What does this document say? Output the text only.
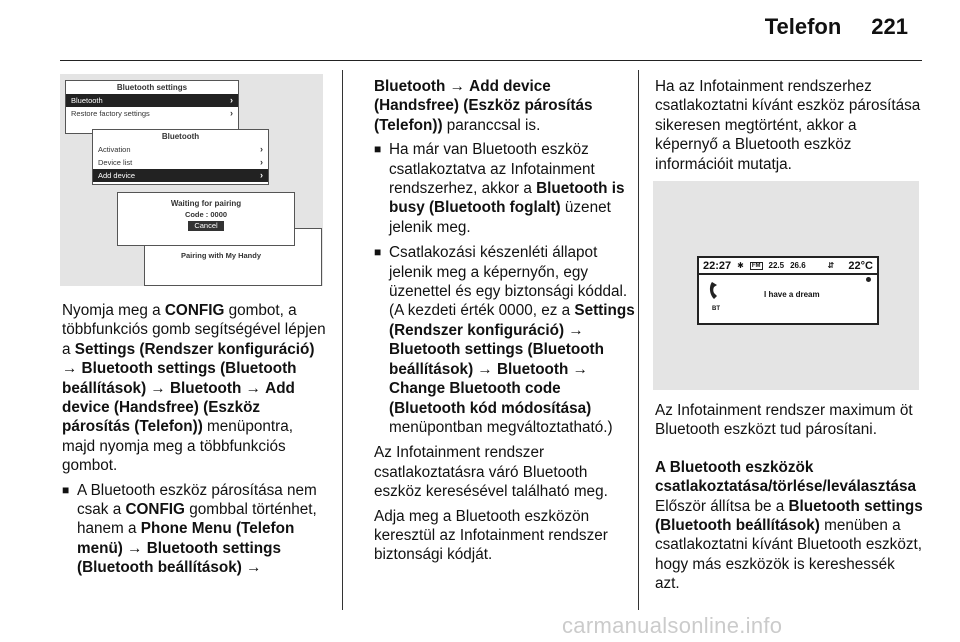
Telefon 221
Bluetooth settings
Bluetooth	›
Restore factory settings	›
Bluetooth
Activation	›
Device list	›
Add device	›
Pairing with My Handy
Waiting for pairing
Code : 0000
Cancel

Nyomja meg a CONFIG gombot, a többfunkciós gomb segítségével lépjen a Settings (Rendszer konfiguráció) → Bluetooth settings (Bluetooth beállítások) → Bluetooth → Add device (Handsfree) (Eszköz párosítás (Telefon)) menüpontra, majd nyomja meg a többfunkciós gombot.

■ A Bluetooth eszköz párosítása nem csak a CONFIG gombbal történhet, hanem a Phone Menu (Telefon menü) → Bluetooth settings (Bluetooth beállítások) →

Bluetooth → Add device (Handsfree) (Eszköz párosítás (Telefon)) paranccsal is.

■ Ha már van Bluetooth eszköz csatlakoztatva az Infotainment rendszerhez, akkor a Bluetooth is busy (Bluetooth foglalt) üzenet jelenik meg.
■ Csatlakozási készenléti állapot jelenik meg a képernyőn, egy üzenettel és egy biztonsági kóddal. (A kezdeti érték 0000, ez a Settings (Rendszer konfiguráció) → Bluetooth settings (Bluetooth beállítások) → Bluetooth → Change Bluetooth code (Bluetooth kód módosítása) menüpontban megváltoztatható.)

Az Infotainment rendszer csatlakoztatásra váró Bluetooth eszköz keresésével található meg.

Adja meg a Bluetooth eszközön keresztül az Infotainment rendszer biztonsági kódját.

Ha az Infotainment rendszerhez csatlakoztatni kívánt eszköz párosítása sikeresen megtörtént, akkor a képernyő a Bluetooth eszköz információit mutatja.

22:27 ✱	FM 22.5 26.6	⇵ 22°C
I have a dream
BT

Az Infotainment rendszer maximum öt Bluetooth eszközt tud párosítani.

A Bluetooth eszközök csatlakoztatása/törlése/leválasztása

Először állítsa be a Bluetooth settings (Bluetooth beállítások) menüben a csatlakoztatni kívánt Bluetooth eszközt, hogy más eszközök is kereshessék azt.

carmanualsonline.info
